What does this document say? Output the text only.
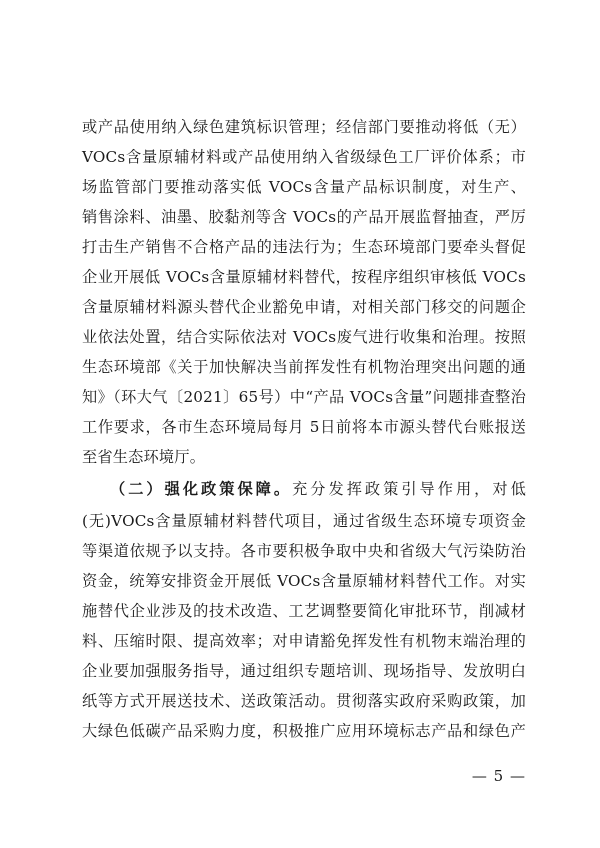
或产品使用纳入绿色建筑标识管理；经信部门要推动将低（无）
VOCs含量原辅材料或产品使用纳入省级绿色工厂评价体系；市
场监管部门要推动落实低 VOCs含量产品标识制度，对生产、
销售涂料、油墨、胶黏剂等含 VOCs的产品开展监督抽查，严厉
打击生产销售不合格产品的违法行为；生态环境部门要牵头督促
企业开展低 VOCs含量原辅材料替代，按程序组织审核低 VOCs
含量原辅材料源头替代企业豁免申请，对相关部门移交的问题企
业依法处置，结合实际依法对 VOCs废气进行收集和治理。按照
生态环境部《关于加快解决当前挥发性有机物治理突出问题的通
知》（环大气〔2021〕65号）中“产品 VOCs含量”问题排查整治
工作要求，各市生态环境局每月 5日前将本市源头替代台账报送
至省生态环境厅。
（二）强化政策保障。充分发挥政策引导作用，对低
(无)VOCs含量原辅材料替代项目，通过省级生态环境专项资金
等渠道依规予以支持。各市要积极争取中央和省级大气污染防治
资金，统筹安排资金开展低 VOCs含量原辅材料替代工作。对实
施替代企业涉及的技术改造、工艺调整要简化审批环节，削减材
料、压缩时限、提高效率；对申请豁免挥发性有机物末端治理的
企业要加强服务指导，通过组织专题培训、现场指导、发放明白
纸等方式开展送技术、送政策活动。贯彻落实政府采购政策，加
大绿色低碳产品采购力度，积极推广应用环境标志产品和绿色产
— 5 —
